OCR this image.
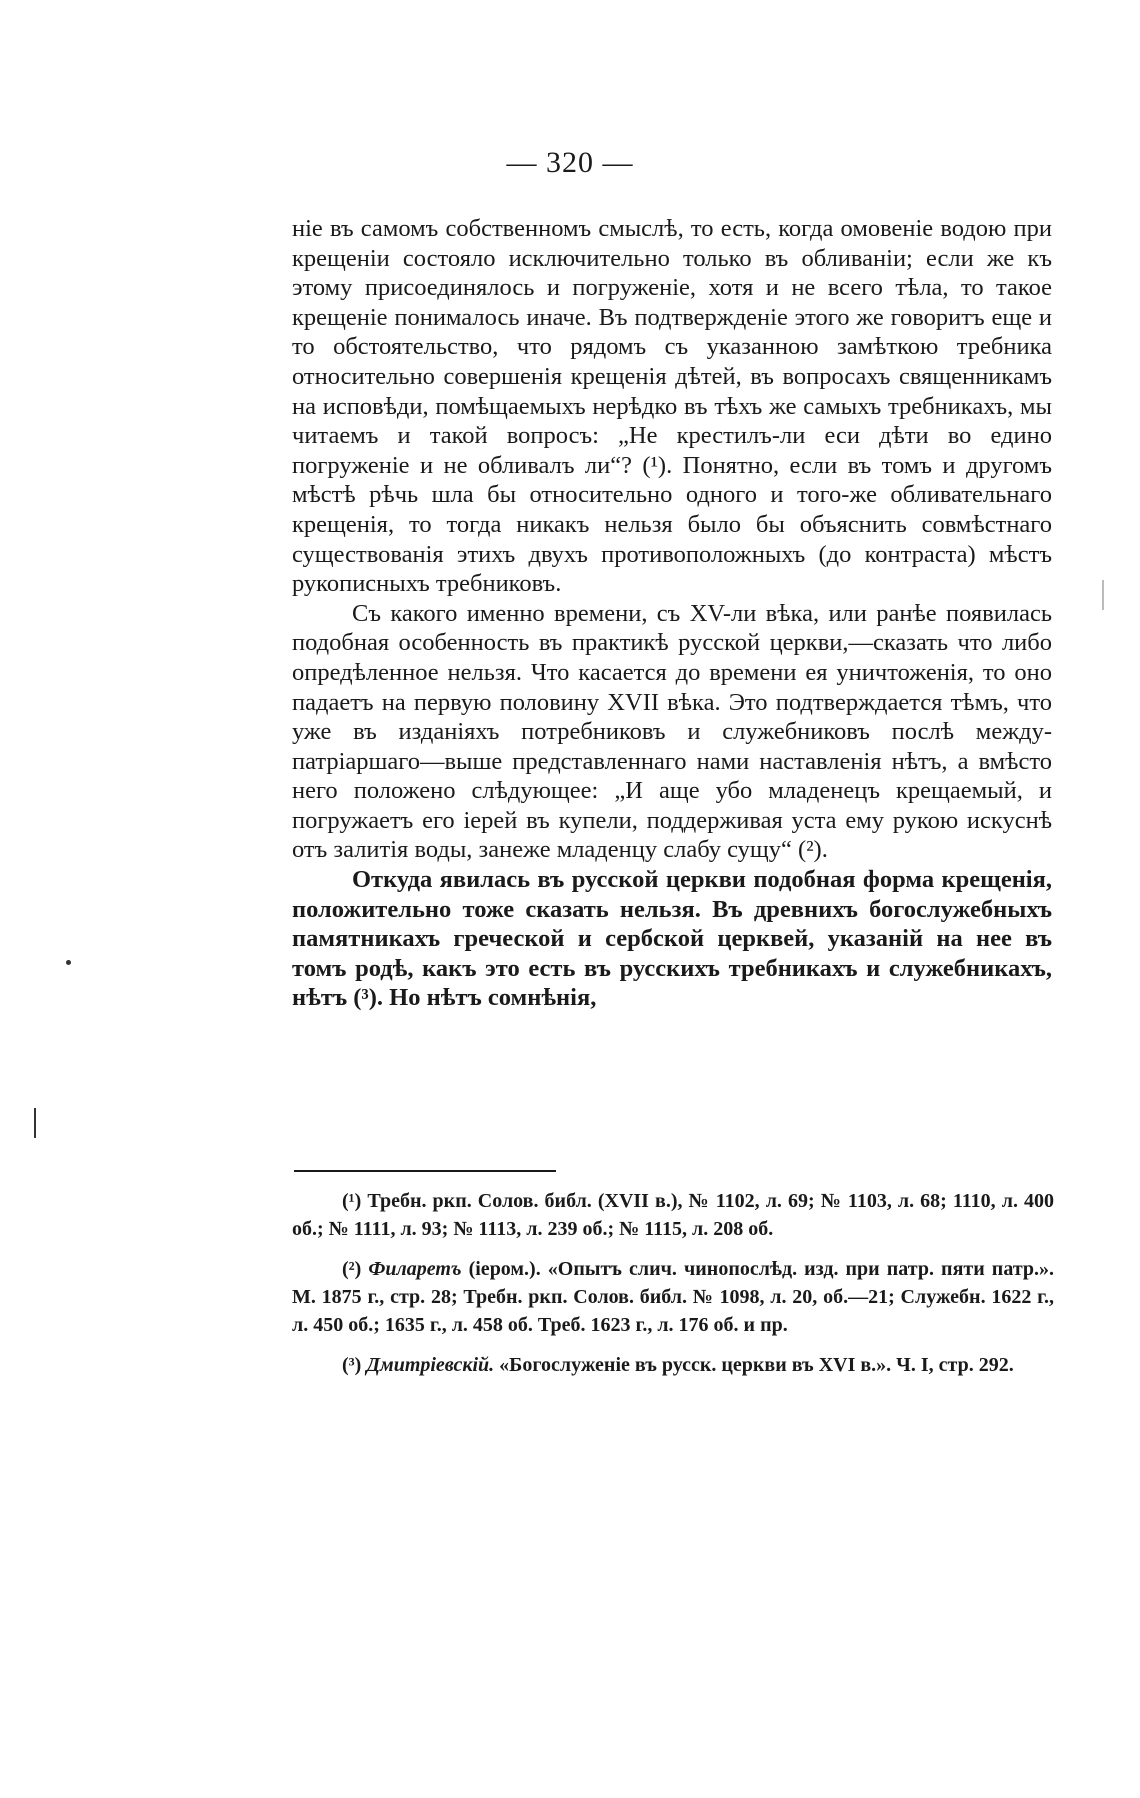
— 320 —

ніе въ самомъ собственномъ смыслѣ, то есть, когда омовеніе водою при крещеніи состояло исключительно только въ обливаніи; если же къ этому присоединялось и погруженіе, хотя и не всего тѣла, то такое крещеніе понималось иначе. Въ подтвержденіе этого же говоритъ еще и то обстоятельство, что рядомъ съ указанною замѣткою требника относительно совершенія крещенія дѣтей, въ вопросахъ священникамъ на исповѣди, помѣщаемыхъ нерѣдко въ тѣхъ же самыхъ требникахъ, мы читаемъ и такой вопросъ: „Не крестилъ-ли еси дѣти во едино погруженіе и не обливалъ ли“? (¹). Понятно, если въ томъ и другомъ мѣстѣ рѣчь шла бы относительно одного и того-же обливательнаго крещенія, то тогда никакъ нельзя было бы объяснить совмѣстнаго существованія этихъ двухъ противоположныхъ (до контраста) мѣстъ рукописныхъ требниковъ.

Съ какого именно времени, съ XV-ли вѣка, или ранѣе появилась подобная особенность въ практикѣ русской церкви,—сказать что либо опредѣленное нельзя. Что касается до времени ея уничтоженія, то оно падаетъ на первую половину XVII вѣка. Это подтверждается тѣмъ, что уже въ изданіяхъ потребниковъ и служебниковъ послѣ между-патріаршаго—выше представленнаго нами наставленія нѣтъ, а вмѣсто него положено слѣдующее: „И аще убо младенецъ крещаемый, и погружаетъ его іерей въ купели, поддерживая уста ему рукою искуснѣ отъ залитія воды, занеже младенцу слабу сущу“ (²).

Откуда явилась въ русской церкви подобная форма крещенія, положительно тоже сказать нельзя. Въ древнихъ богослужебныхъ памятникахъ греческой и сербской церквей, указаній на нее въ томъ родѣ, какъ это есть въ русскихъ требникахъ и служебникахъ, нѣтъ (³). Но нѣтъ сомнѣнія,

(¹) Требн. ркп. Солов. библ. (XVII в.), № 1102, л. 69; № 1103, л. 68; 1110, л. 400 об.; № 1111, л. 93; № 1113, л. 239 об.; № 1115, л. 208 об.

(²) Филаретъ (іером.). «Опытъ слич. чинопослѣд. изд. при патр. пяти патр.». М. 1875 г., стр. 28; Требн. ркп. Солов. библ. № 1098, л. 20, об.—21; Служебн. 1622 г., л. 450 об.; 1635 г., л. 458 об. Треб. 1623 г., л. 176 об. и пр.

(³) Дмитріевскій. «Богослуженіе въ русск. церкви въ XVI в.». Ч. I, стр. 292.
